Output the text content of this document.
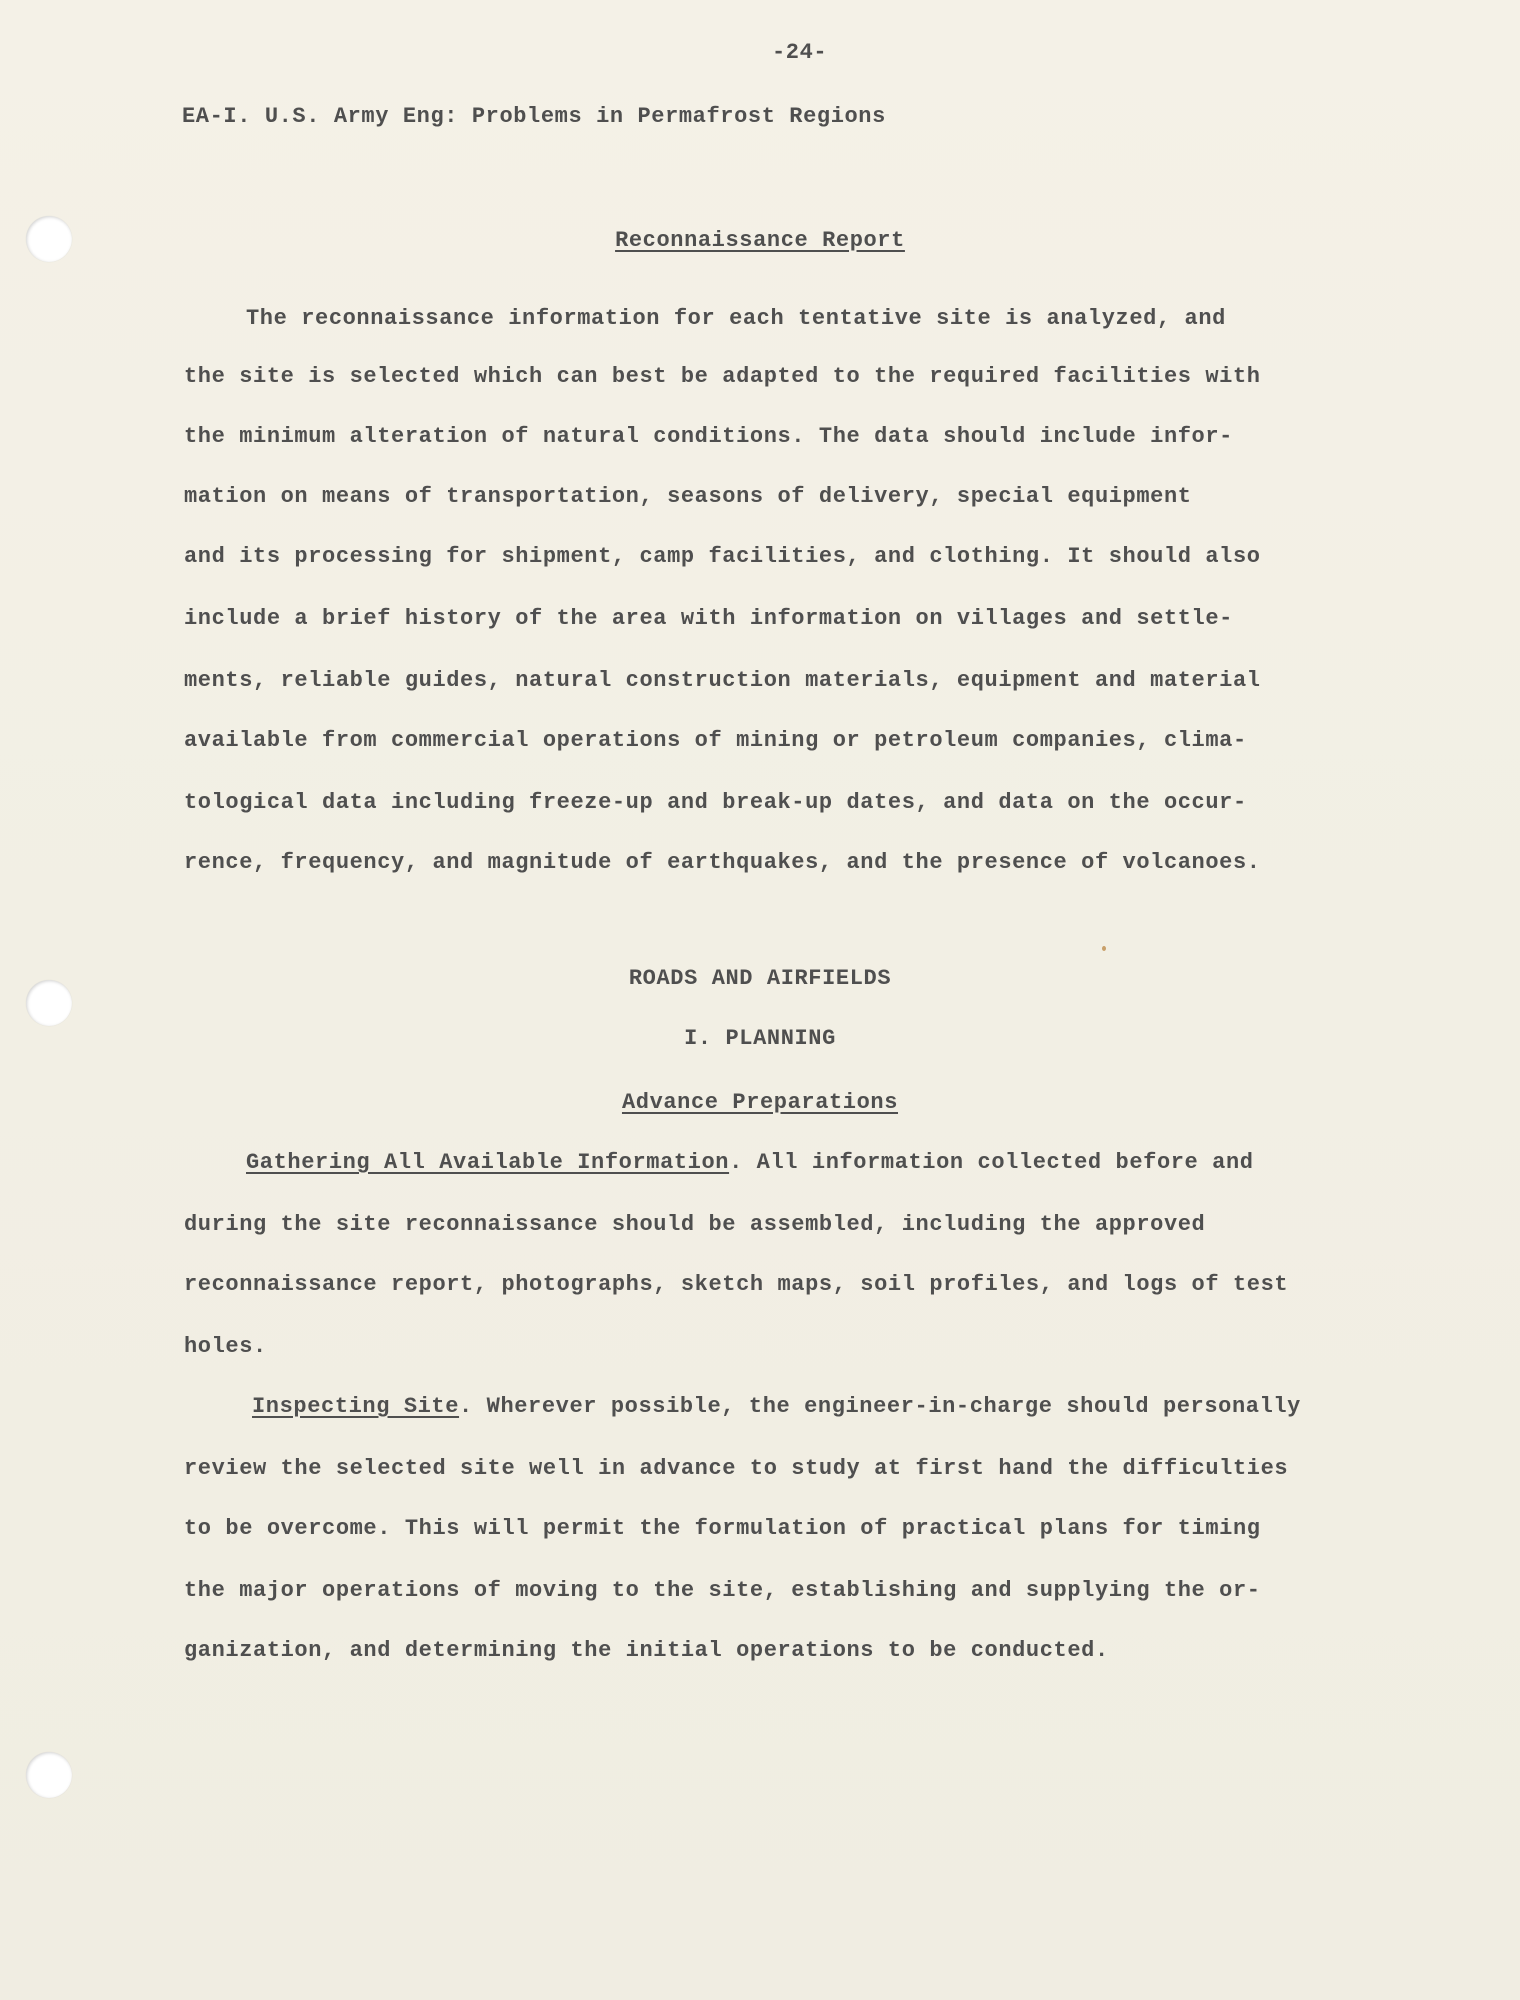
-24-

EA-I. U.S. Army Eng: Problems in Permafrost Regions

Reconnaissance Report

The reconnaissance information for each tentative site is analyzed, and

the site is selected which can best be adapted to the required facilities with

the minimum alteration of natural conditions. The data should include infor-

mation on means of transportation, seasons of delivery, special equipment

and its processing for shipment, camp facilities, and clothing. It should also

include a brief history of the area with information on villages and settle-

ments, reliable guides, natural construction materials, equipment and material

available from commercial operations of mining or petroleum companies, clima-

tological data including freeze-up and break-up dates, and data on the occur-

rence, frequency, and magnitude of earthquakes, and the presence of volcanoes.

ROADS AND AIRFIELDS

I. PLANNING

Advance Preparations

Gathering All Available Information. All information collected before and

during the site reconnaissance should be assembled, including the approved

reconnaissance report, photographs, sketch maps, soil profiles, and logs of test

holes.

Inspecting Site. Wherever possible, the engineer-in-charge should personally

review the selected site well in advance to study at first hand the difficulties

to be overcome. This will permit the formulation of practical plans for timing

the major operations of moving to the site, establishing and supplying the or-

ganization, and determining the initial operations to be conducted.
